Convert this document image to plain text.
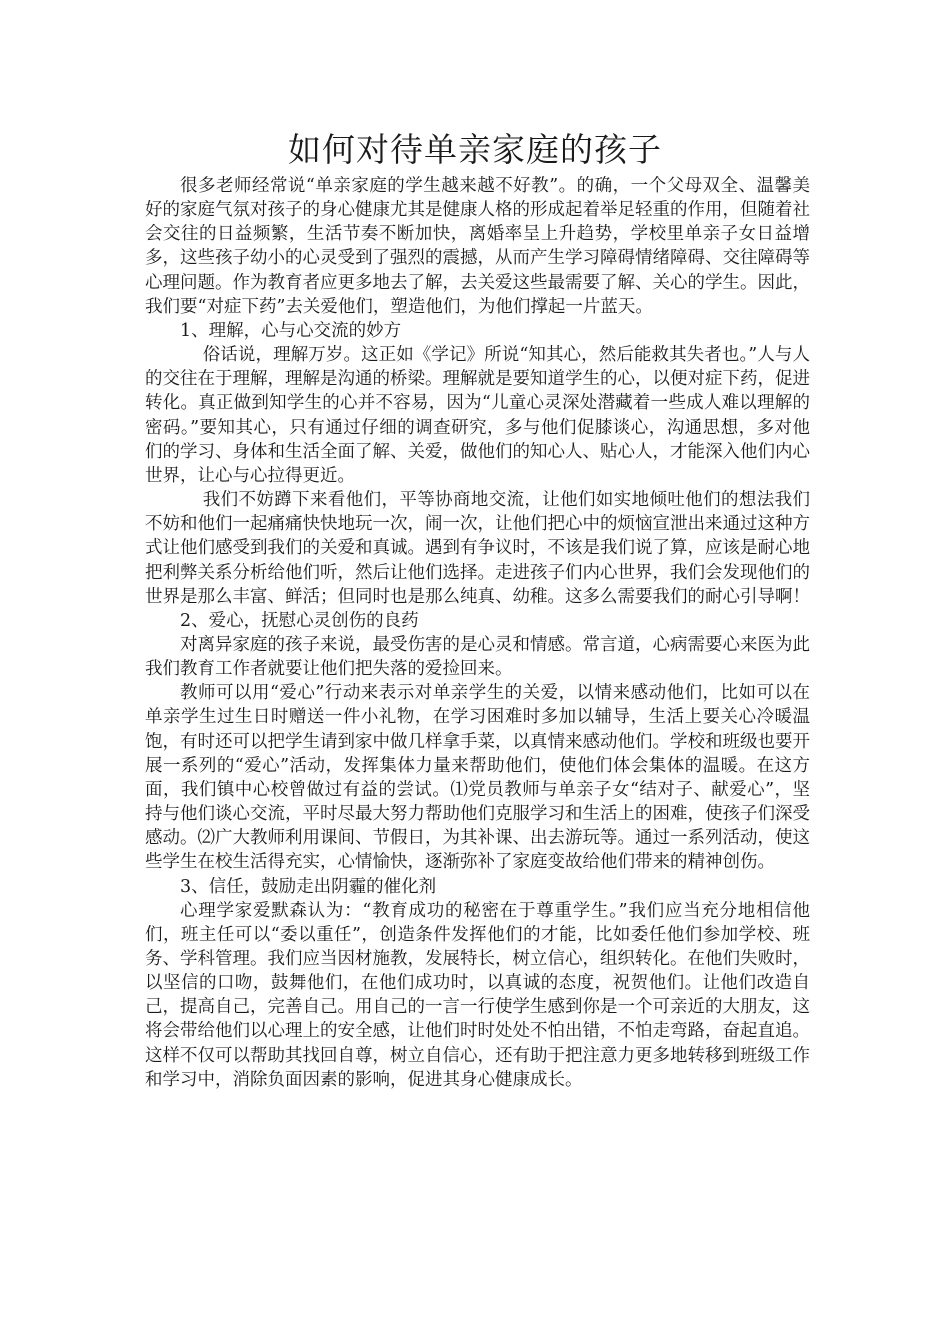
如何对待单亲家庭的孩子

很多老师经常说“单亲家庭的学生越来越不好教”。的确，一个父母双全、温馨美好的家庭气氛对孩子的身心健康尤其是健康人格的形成起着举足轻重的作用，但随着社会交往的日益频繁，生活节奏不断加快，离婚率呈上升趋势，学校里单亲子女日益增多，这些孩子幼小的心灵受到了强烈的震撼，从而产生学习障碍情绪障碍、交往障碍等心理问题。作为教育者应更多地去了解，去关爱这些最需要了解、关心的学生。因此，我们要“对症下药”去关爱他们，塑造他们，为他们撑起一片蓝天。

1、理解，心与心交流的妙方

俗话说，理解万岁。这正如《学记》所说“知其心，然后能救其失者也。”人与人的交往在于理解，理解是沟通的桥梁。理解就是要知道学生的心，以便对症下药，促进转化。真正做到知学生的心并不容易，因为“儿童心灵深处潜藏着一些成人难以理解的密码。”要知其心，只有通过仔细的调查研究，多与他们促膝谈心，沟通思想，多对他们的学习、身体和生活全面了解、关爱，做他们的知心人、贴心人，才能深入他们内心世界，让心与心拉得更近。

我们不妨蹲下来看他们，平等协商地交流，让他们如实地倾吐他们的想法我们不妨和他们一起痛痛快快地玩一次，闹一次，让他们把心中的烦恼宣泄出来通过这种方式让他们感受到我们的关爱和真诚。遇到有争议时，不该是我们说了算，应该是耐心地把利弊关系分析给他们听，然后让他们选择。走进孩子们内心世界，我们会发现他们的世界是那么丰富、鲜活；但同时也是那么纯真、幼稚。这多么需要我们的耐心引导啊！

2、爱心，抚慰心灵创伤的良药

对离异家庭的孩子来说，最受伤害的是心灵和情感。常言道，心病需要心来医为此我们教育工作者就要让他们把失落的爱捡回来。

教师可以用“爱心”行动来表示对单亲学生的关爱，以情来感动他们，比如可以在单亲学生过生日时赠送一件小礼物，在学习困难时多加以辅导，生活上要关心冷暖温饱，有时还可以把学生请到家中做几样拿手菜，以真情来感动他们。学校和班级也要开展一系列的“爱心”活动，发挥集体力量来帮助他们，使他们体会集体的温暖。在这方面，我们镇中心校曾做过有益的尝试。⑴党员教师与单亲子女“结对子、献爱心”，坚持与他们谈心交流，平时尽最大努力帮助他们克服学习和生活上的困难，使孩子们深受感动。⑵广大教师利用课间、节假日，为其补课、出去游玩等。通过一系列活动，使这些学生在校生活得充实，心情愉快，逐渐弥补了家庭变故给他们带来的精神创伤。

3、信任，鼓励走出阴霾的催化剂

心理学家爱默森认为：“教育成功的秘密在于尊重学生。”我们应当充分地相信他们，班主任可以“委以重任”，创造条件发挥他们的才能，比如委任他们参加学校、班务、学科管理。我们应当因材施教，发展特长，树立信心，组织转化。在他们失败时，以坚信的口吻，鼓舞他们，在他们成功时，以真诚的态度，祝贺他们。让他们改造自己，提高自己，完善自己。用自己的一言一行使学生感到你是一个可亲近的大朋友，这将会带给他们以心理上的安全感，让他们时时处处不怕出错，不怕走弯路，奋起直追。这样不仅可以帮助其找回自尊，树立自信心，还有助于把注意力更多地转移到班级工作和学习中，消除负面因素的影响，促进其身心健康成长。
